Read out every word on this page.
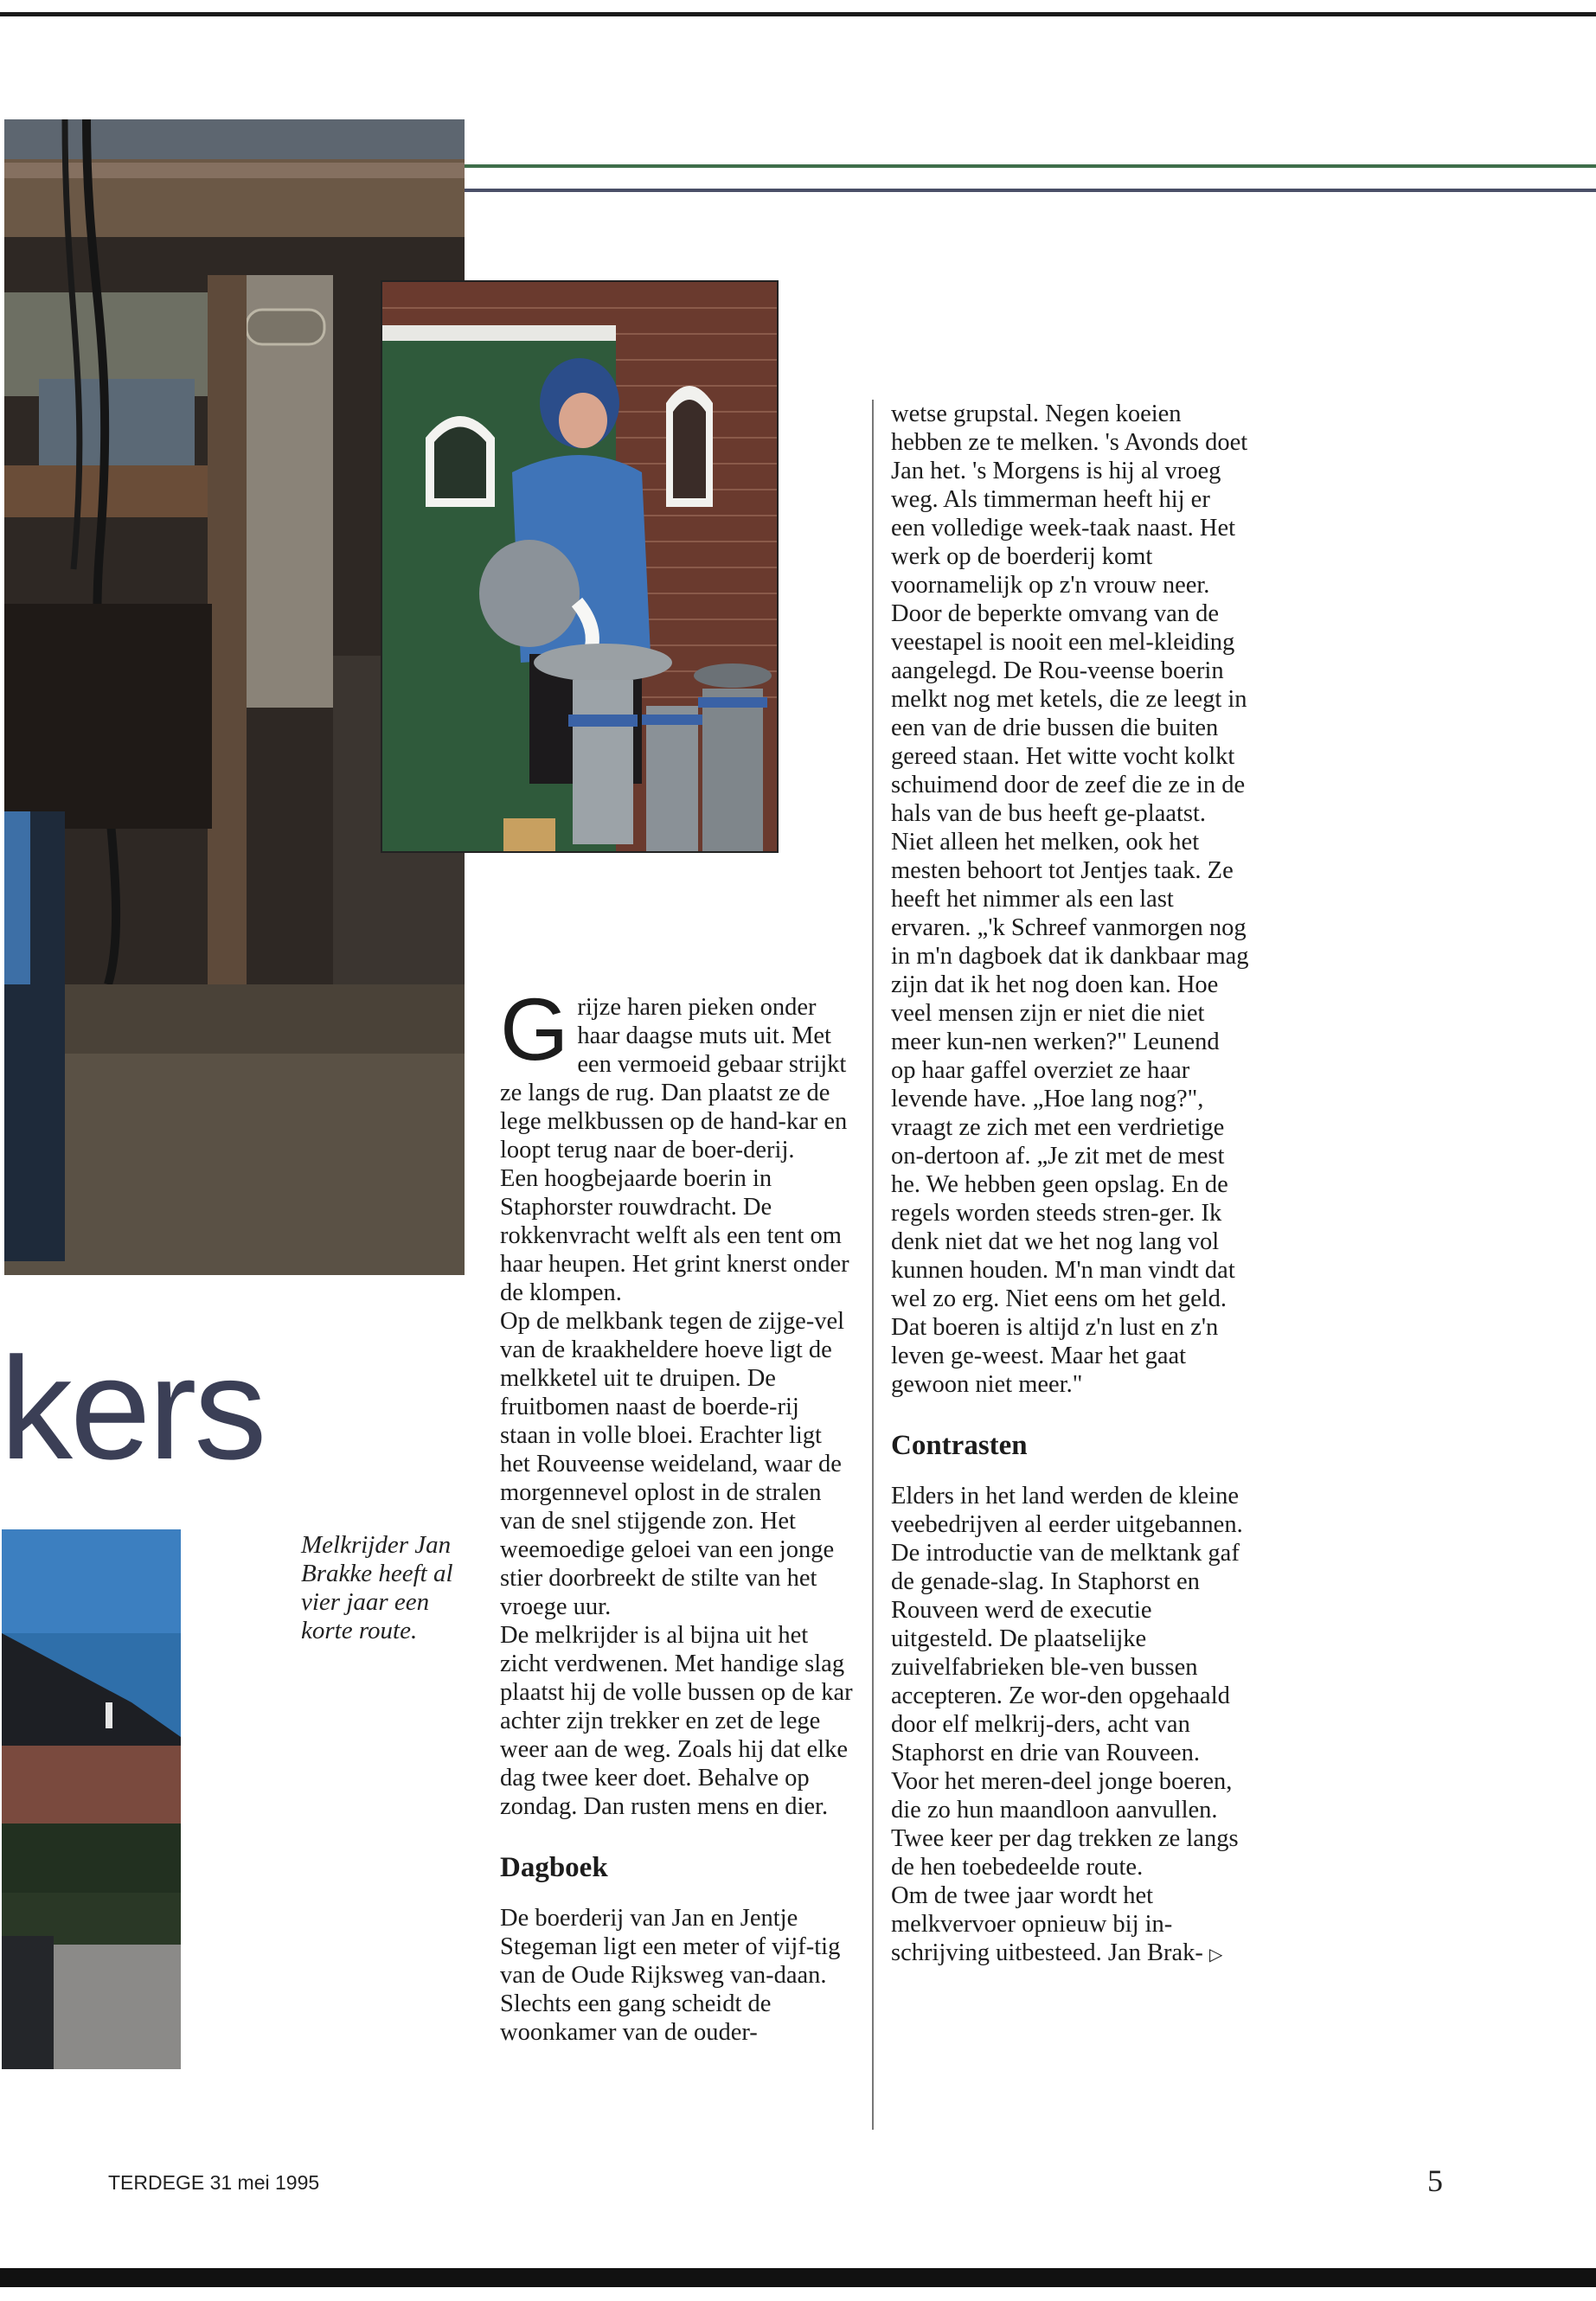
kers
Melkrijder Jan Brakke heeft al vier jaar een korte route.

Grijze haren pieken onder haar daagse muts uit. Met een vermoeid gebaar strijkt ze langs de rug. Dan plaatst ze de lege melkbussen op de hand-kar en loopt terug naar de boer-derij.

Een hoogbejaarde boerin in Staphorster rouwdracht. De rokkenvracht welft als een tent om haar heupen. Het grint knerst onder de klompen.

Op de melkbank tegen de zijge-vel van de kraakheldere hoeve ligt de melkketel uit te druipen. De fruitbomen naast de boerde-rij staan in volle bloei. Erachter ligt het Rouveense weideland, waar de morgennevel oplost in de stralen van de snel stijgende zon. Het weemoedige geloei van een jonge stier doorbreekt de stilte van het vroege uur.

De melkrijder is al bijna uit het zicht verdwenen. Met handige slag plaatst hij de volle bussen op de kar achter zijn trekker en zet de lege weer aan de weg. Zoals hij dat elke dag twee keer doet. Behalve op zondag. Dan rusten mens en dier.

Dagboek

De boerderij van Jan en Jentje Stegeman ligt een meter of vijf-tig van de Oude Rijksweg van-daan. Slechts een gang scheidt de woonkamer van de ouder-

wetse grupstal. Negen koeien hebben ze te melken. 's Avonds doet Jan het. 's Morgens is hij al vroeg weg. Als timmerman heeft hij er een volledige week-taak naast. Het werk op de boerderij komt voornamelijk op z'n vrouw neer.

Door de beperkte omvang van de veestapel is nooit een mel-kleiding aangelegd. De Rou-veense boerin melkt nog met ketels, die ze leegt in een van de drie bussen die buiten gereed staan. Het witte vocht kolkt schuimend door de zeef die ze in de hals van de bus heeft ge-plaatst.

Niet alleen het melken, ook het mesten behoort tot Jentjes taak. Ze heeft het nimmer als een last ervaren. „'k Schreef vanmorgen nog in m'n dagboek dat ik dankbaar mag zijn dat ik het nog doen kan. Hoe veel mensen zijn er niet die niet meer kun-nen werken?" Leunend op haar gaffel overziet ze haar levende have. „Hoe lang nog?", vraagt ze zich met een verdrietige on-dertoon af. „Je zit met de mest he. We hebben geen opslag. En de regels worden steeds stren-ger. Ik denk niet dat we het nog lang vol kunnen houden. M'n man vindt dat wel zo erg. Niet eens om het geld. Dat boeren is altijd z'n lust en z'n leven ge-weest. Maar het gaat gewoon niet meer."

Contrasten

Elders in het land werden de kleine veebedrijven al eerder uitgebannen. De introductie van de melktank gaf de genade-slag. In Staphorst en Rouveen werd de executie uitgesteld. De plaatselijke zuivelfabrieken ble-ven bussen accepteren. Ze wor-den opgehaald door elf melkrij-ders, acht van Staphorst en drie van Rouveen. Voor het meren-deel jonge boeren, die zo hun maandloon aanvullen. Twee keer per dag trekken ze langs de hen toebedeelde route.

Om de twee jaar wordt het melkvervoer opnieuw bij in-schrijving uitbesteed. Jan Brak- ▷

TERDEGE 31 mei 1995	5
